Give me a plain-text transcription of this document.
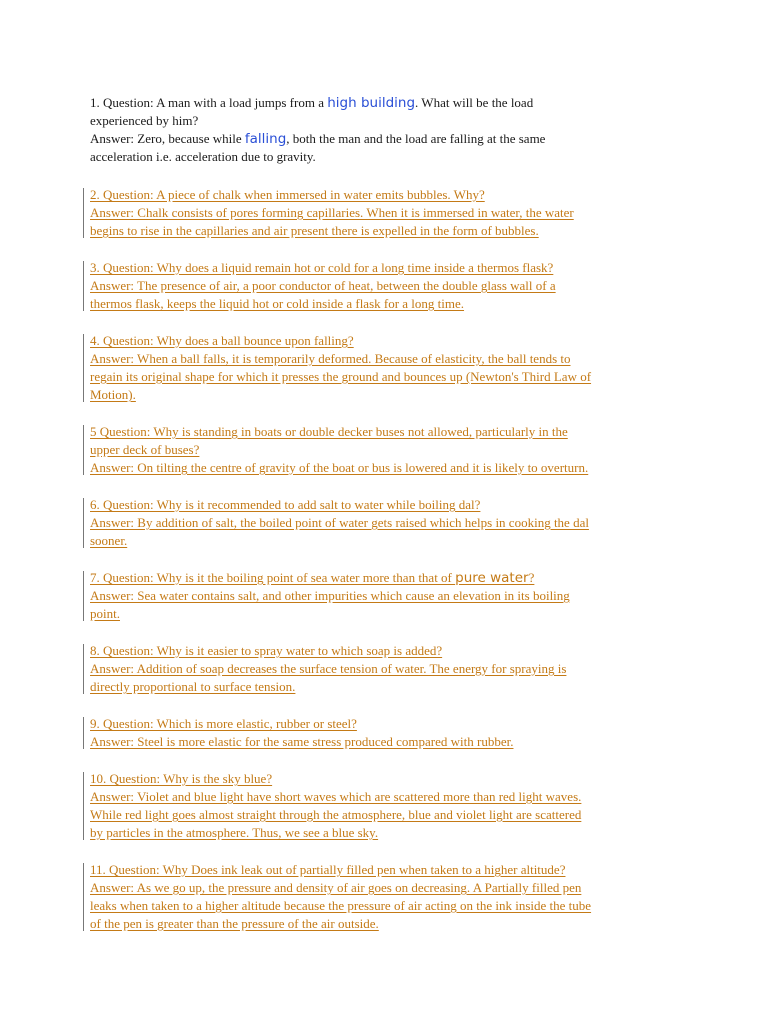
1. Question: A man with a load jumps from a high building. What will be the load
experienced by him?
Answer: Zero, because while falling, both the man and the load are falling at the same
acceleration i.e. acceleration due to gravity.
2. Question: A piece of chalk when immersed in water emits bubbles. Why?
Answer: Chalk consists of pores forming capillaries. When it is immersed in water, the water
begins to rise in the capillaries and air present there is expelled in the form of bubbles.
3. Question: Why does a liquid remain hot or cold for a long time inside a thermos flask?
Answer: The presence of air, a poor conductor of heat, between the double glass wall of a
thermos flask, keeps the liquid hot or cold inside a flask for a long time.
4. Question: Why does a ball bounce upon falling?
Answer: When a ball falls, it is temporarily deformed. Because of elasticity, the ball tends to
regain its original shape for which it presses the ground and bounces up (Newton's Third Law of
Motion).
5 Question: Why is standing in boats or double decker buses not allowed, particularly in the
upper deck of buses?
Answer: On tilting the centre of gravity of the boat or bus is lowered and it is likely to overturn.
6. Question: Why is it recommended to add salt to water while boiling dal?
Answer: By addition of salt, the boiled point of water gets raised which helps in cooking the dal
sooner.
7. Question: Why is it the boiling point of sea water more than that of pure water?
Answer: Sea water contains salt, and other impurities which cause an elevation in its boiling
point.
8. Question: Why is it easier to spray water to which soap is added?
Answer: Addition of soap decreases the surface tension of water. The energy for spraying is
directly proportional to surface tension.
9. Question: Which is more elastic, rubber or steel?
Answer: Steel is more elastic for the same stress produced compared with rubber.
10. Question: Why is the sky blue?
Answer: Violet and blue light have short waves which are scattered more than red light waves.
While red light goes almost straight through the atmosphere, blue and violet light are scattered
by particles in the atmosphere. Thus, we see a blue sky.
11. Question: Why Does ink leak out of partially filled pen when taken to a higher altitude?
Answer: As we go up, the pressure and density of air goes on decreasing. A Partially filled pen
leaks when taken to a higher altitude because the pressure of air acting on the ink inside the tube
of the pen is greater than the pressure of the air outside.
